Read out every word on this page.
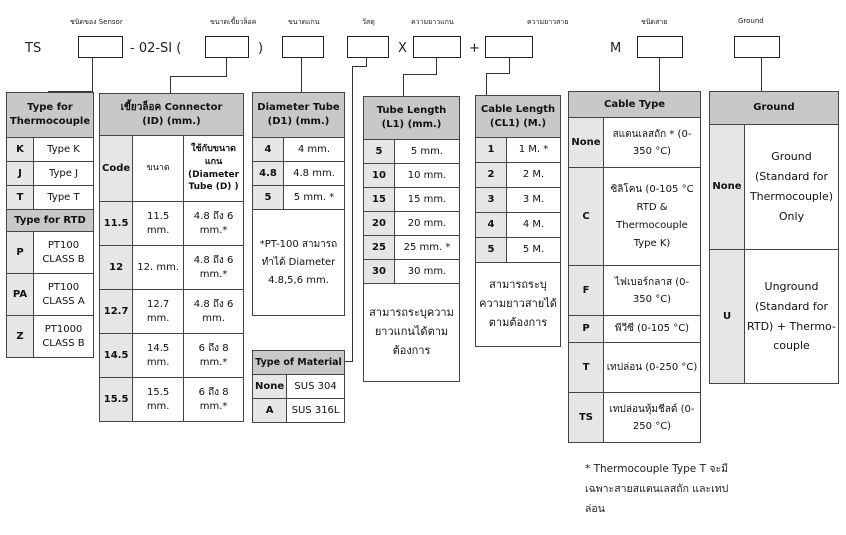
ชนิดของ Sensor	ขนาดเขี้ยวล็อค	ขนาดแกน	วัสดุ	ความยาวแกน	ความยาวสาย	ชนิดสาย	Ground
TS	- 02-SI (	)	X	+	M
Type for Thermocouple	
K	Type K
J	Type J
T	Type T
Type for RTD	
P	PT100 CLASS B
PA	PT100 CLASS A
Z	PT1000 CLASS B
เขี้ยวล็อค Connector
(ID) (mm.)		
Code	ขนาด	ใช้กับขนาดแกน (Diameter Tube (D) )
11.5	11.5 mm.	4.8 ถึง 6 mm.*
12	12. mm.	4.8 ถึง 6 mm.*
12.7	12.7 mm.	4.8 ถึง 6 mm.
14.5	14.5 mm.	6 ถึง 8 mm.*
15.5	15.5 mm.	6 ถึง 8 mm.*
Diameter Tube (D1) (mm.)	
4	4 mm.
4.8	4.8 mm.
5	5 mm. *
*PT-100 สามารถทำได้ Diameter 4.8,5,6 mm.	
Type of Material	
None	SUS 304
A	SUS 316L
Tube Length (L1) (mm.)	
5	5 mm.
10	10 mm.
15	15 mm.
20	20 mm.
25	25 mm. *
30	30 mm.
สามารถระบุความยาวแกนได้ตามต้องการ	
Cable Length (CL1) (M.)	
1	1 M. *
2	2 M.
3	3 M.
4	4 M.
5	5 M.
สามารถระบุความยาวสายได้ตามต้องการ	
Cable Type	
None	สแตนเลสถัก * (0-350 °C)
C	ซิลิโคน (0-105 °C RTD & Thermocouple Type K)
F	ไฟเบอร์กลาส (0-350 °C)
P	พีวีซี (0-105 °C)
T	เทปล่อน (0-250 °C)
TS	เทปล่อนหุ้มชีลด์ (0-250 °C)
* Thermocouple Type T จะมีเฉพาะสายสแตนเลสถัก และเทปล่อน
Ground	
None	Ground (Standard for Thermocouple) Only
U	Unground (Standard for RTD) + Thermo- couple
